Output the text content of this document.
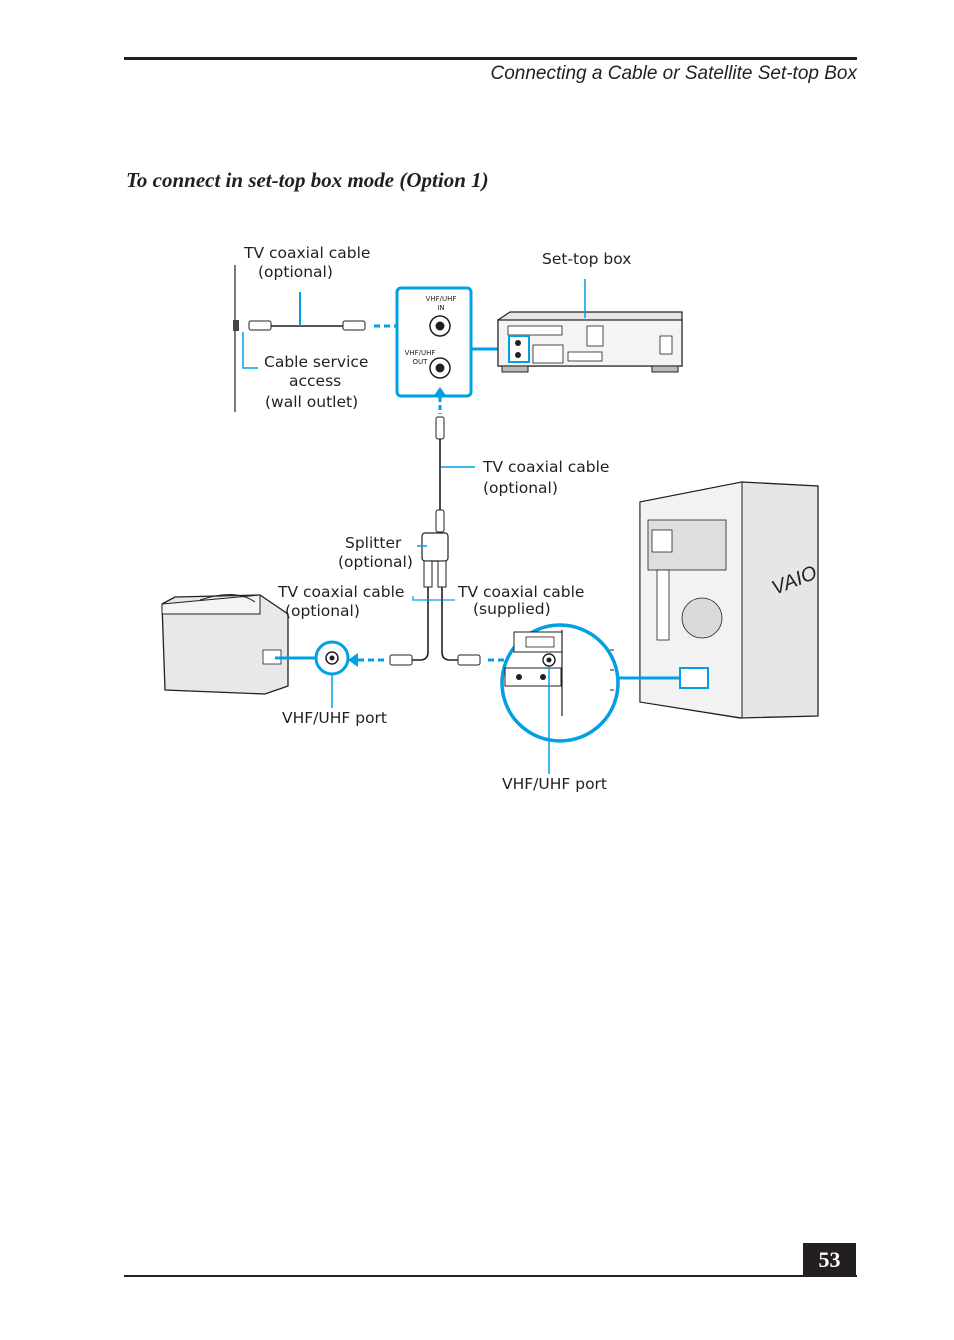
Connecting a Cable or Satellite Set-top Box
To connect in set-top box mode (Option 1)
VAIO
VHF/UHF
IN
VHF/UHF
OUT
TV coaxial cable
(optional)
Set-top box
Cable service
access
(wall outlet)
TV coaxial cable
(optional)
Splitter
(optional)
TV coaxial cable
(optional)
TV coaxial cable
(supplied)
VHF/UHF port
VHF/UHF port
53
